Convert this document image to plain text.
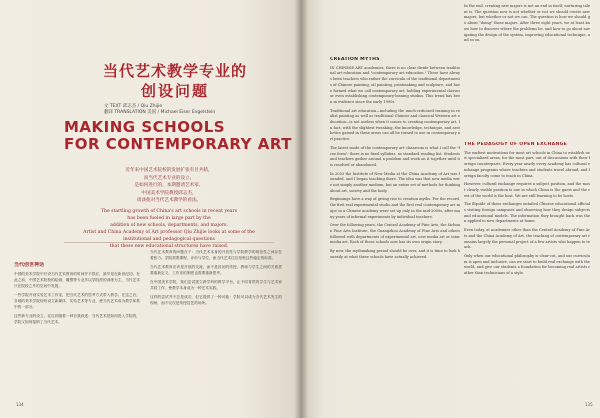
当代艺术教学专业的
创设问题
文 TEXT 邱志杰 / Qiu Zhijie
翻译 TRANSLATION 美国 / Michael Eiser Engelstein
MAKING SCHOOLS
FOR CONTEMPORARY ART
近年来中国艺术院校的发展扩张有目共睹，
而当代艺术专业的设立，
是如何进行的，本期邀请艺术家、
中国美术学院教授邱志杰，
谈谈他对当代艺术教学的看法。
The startling growth of China's art schools in recent years
has been fueled in large part by the
addition of new schools, departments, and majors.
Artist and China Academy of Art professor Qiu Zhijie looks at some of the
institutional and pedagogical questions
that these new educational structures have raised.
当代创世神话

中国的美术学院中开设当代艺术教育的时间并不很长，最早是在新世纪初。在此之前，中国艺术院校的绘画、雕塑等专业多以学院派的训练为主，当代艺术只在院校之外的空间中发展。

一些学院开设实验艺术工作室，把当代艺术的思考方式带入教学。在这之后，各地的美术学院纷纷设立新媒体、实验艺术等专业，使当代艺术成为教学体系中的一部分。

这些新专业的设立，往往伴随着一种自我叙述：当代艺术是如何进入学院的，学院又如何接纳了当代艺术。

当代艺术教育的问题在于：当代艺术本身的开放性与学院教学的规范性之间存在着张力。学院需要课程、评价与学位，而当代艺术往往拒绝这些稳定的标准。

当代艺术教育应该是开放的交流，而不是封闭的传授。教师与学生之间的关系需要重新定义，工作室的制度也需要重新思考。

在中国美术学院，我们尝试建立跨学科的教学平台，让不同背景的学生与艺术家共同工作，使教学本身成为一种艺术实践。

这样的尝试并不总是成功，但它提供了一种可能：学院可以成为当代艺术发生的现场，而不仅仅是传授技艺的场所。

134
CREATION MYTHS

IN CHINESE ART academies, there is no clear divide between traditional art education and "contemporary art education." There have always been teachers who rather the curricula of the traditional departments of Chinese painting, oil painting, printmaking and sculpture, and have formed what we call contemporary art, holding experimental classes or even establishing contemporary-leaning studios. This trend has been in evidence since the early 1990s.

Traditional art education—including the much-criticized training in realist painting as well as traditional Chinese and classical Western art education—is not useless when it comes to creating contemporary art. In fact, with the slightest tweaking, the knowledge, technique, and aesthetics gained in these areas can all be turned to use in contemporary art practice.

The latest mode of the contemporary art classroom is what I call the "free form": there is no fixed syllabus, no standard reading list. Students and teachers gather around a problem and work on it together until it is resolved or abandoned.

In 2003 the Institute of New Media at the China Academy of Art was founded, and I began teaching there. The idea was that new media were not simply another medium, but an entire set of methods for thinking about art, society and the body.

Beginnings have a way of giving rise to creation myths. For the record, the first real experimental studio and the first real contemporary art major in a Chinese academy were set up only in the mid-2000s, after many years of informal experiments by individual teachers.

Over the following years, the Central Academy of Fine Arts, the Sichuan Fine Arts Institute, the Guangzhou Academy of Fine Arts and others followed with departments of experimental art, new media art or intermedia art. Each of these schools now has its own origin story.

By now, the mythmaking period should be over, and it is time to look honestly at what these schools have actually achieved.

In the end, creating new majors is not an end in itself; nurturing talent is. The question now is not whether or not we should create new majors, but whether or not we can. The question is how we should go about "doing" these majors. After three eight years, we at least know how to discover where the problems lie, and how to go about navigating the design of the system, improving educational technique, and so on.

THE PEDAGOGY OF OPEN EXCHANGE

The earliest motivations for most art schools in China to establish new specialized areas, for the most part, out of discussions with their foreign counterparts. Every year nearly every academy has cultural exchange programs where teachers and students travel abroad, and foreign faculty come to teach in China.

However, cultural exchange requires a subject position, and the most clearly visible position is one in which China is the guest and the rest of the world is the host. We are still learning to be hosts.

The flipside of these exchanges entailed Chinese educational officials visiting foreign campuses and observing how they design subjects and educational models. The information they brought back was then applied to new departments at home.

Even today, at academies other than the Central Academy of Fine Arts and the China Academy of Art, the teaching of contemporary art remains largely the personal project of a few artists who happen to teach.

Only when our educational philosophy is clear-cut, and our curriculum is open and inclusive, can we start to build real exchange with the world, and give our students a foundation for becoming real artists rather than technicians of a style.

135
